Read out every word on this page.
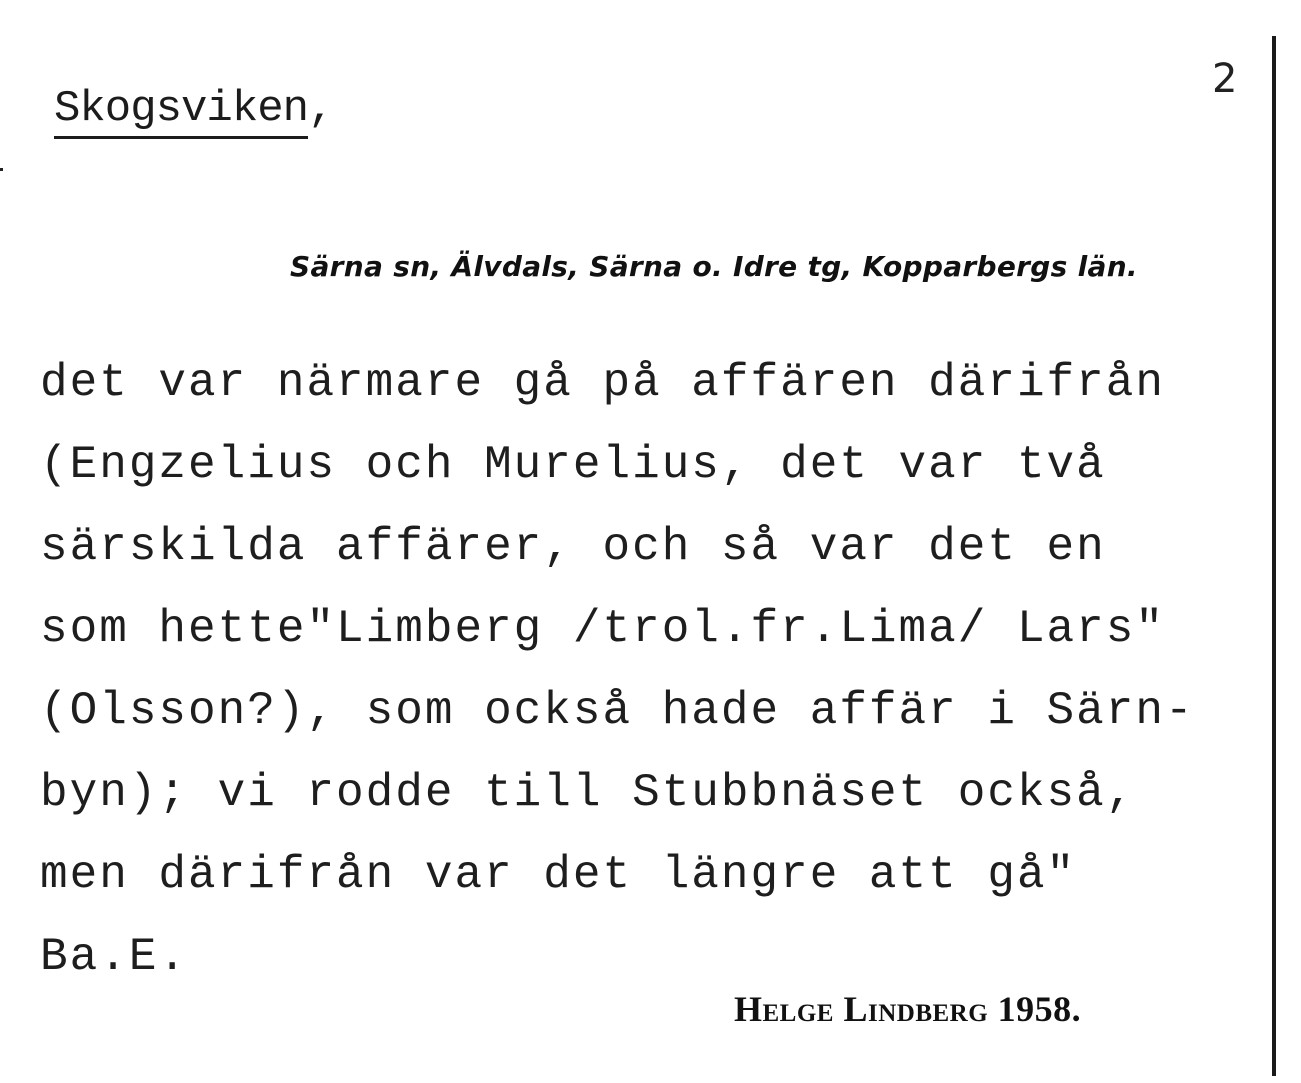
2
Skogsviken,
Särna sn, Älvdals, Särna o. Idre tg, Kopparbergs län.
det var närmare gå på affären därifrån
(Engzelius och Murelius, det var två
särskilda affärer, och så var det en
som hette"Limberg /trol.fr.Lima/ Lars"
(Olsson?), som också hade affär i Särn-
byn); vi rodde till Stubbnäset också,
men därifrån var det längre att gå"
Ba.E.
Helge Lindberg 1958.
